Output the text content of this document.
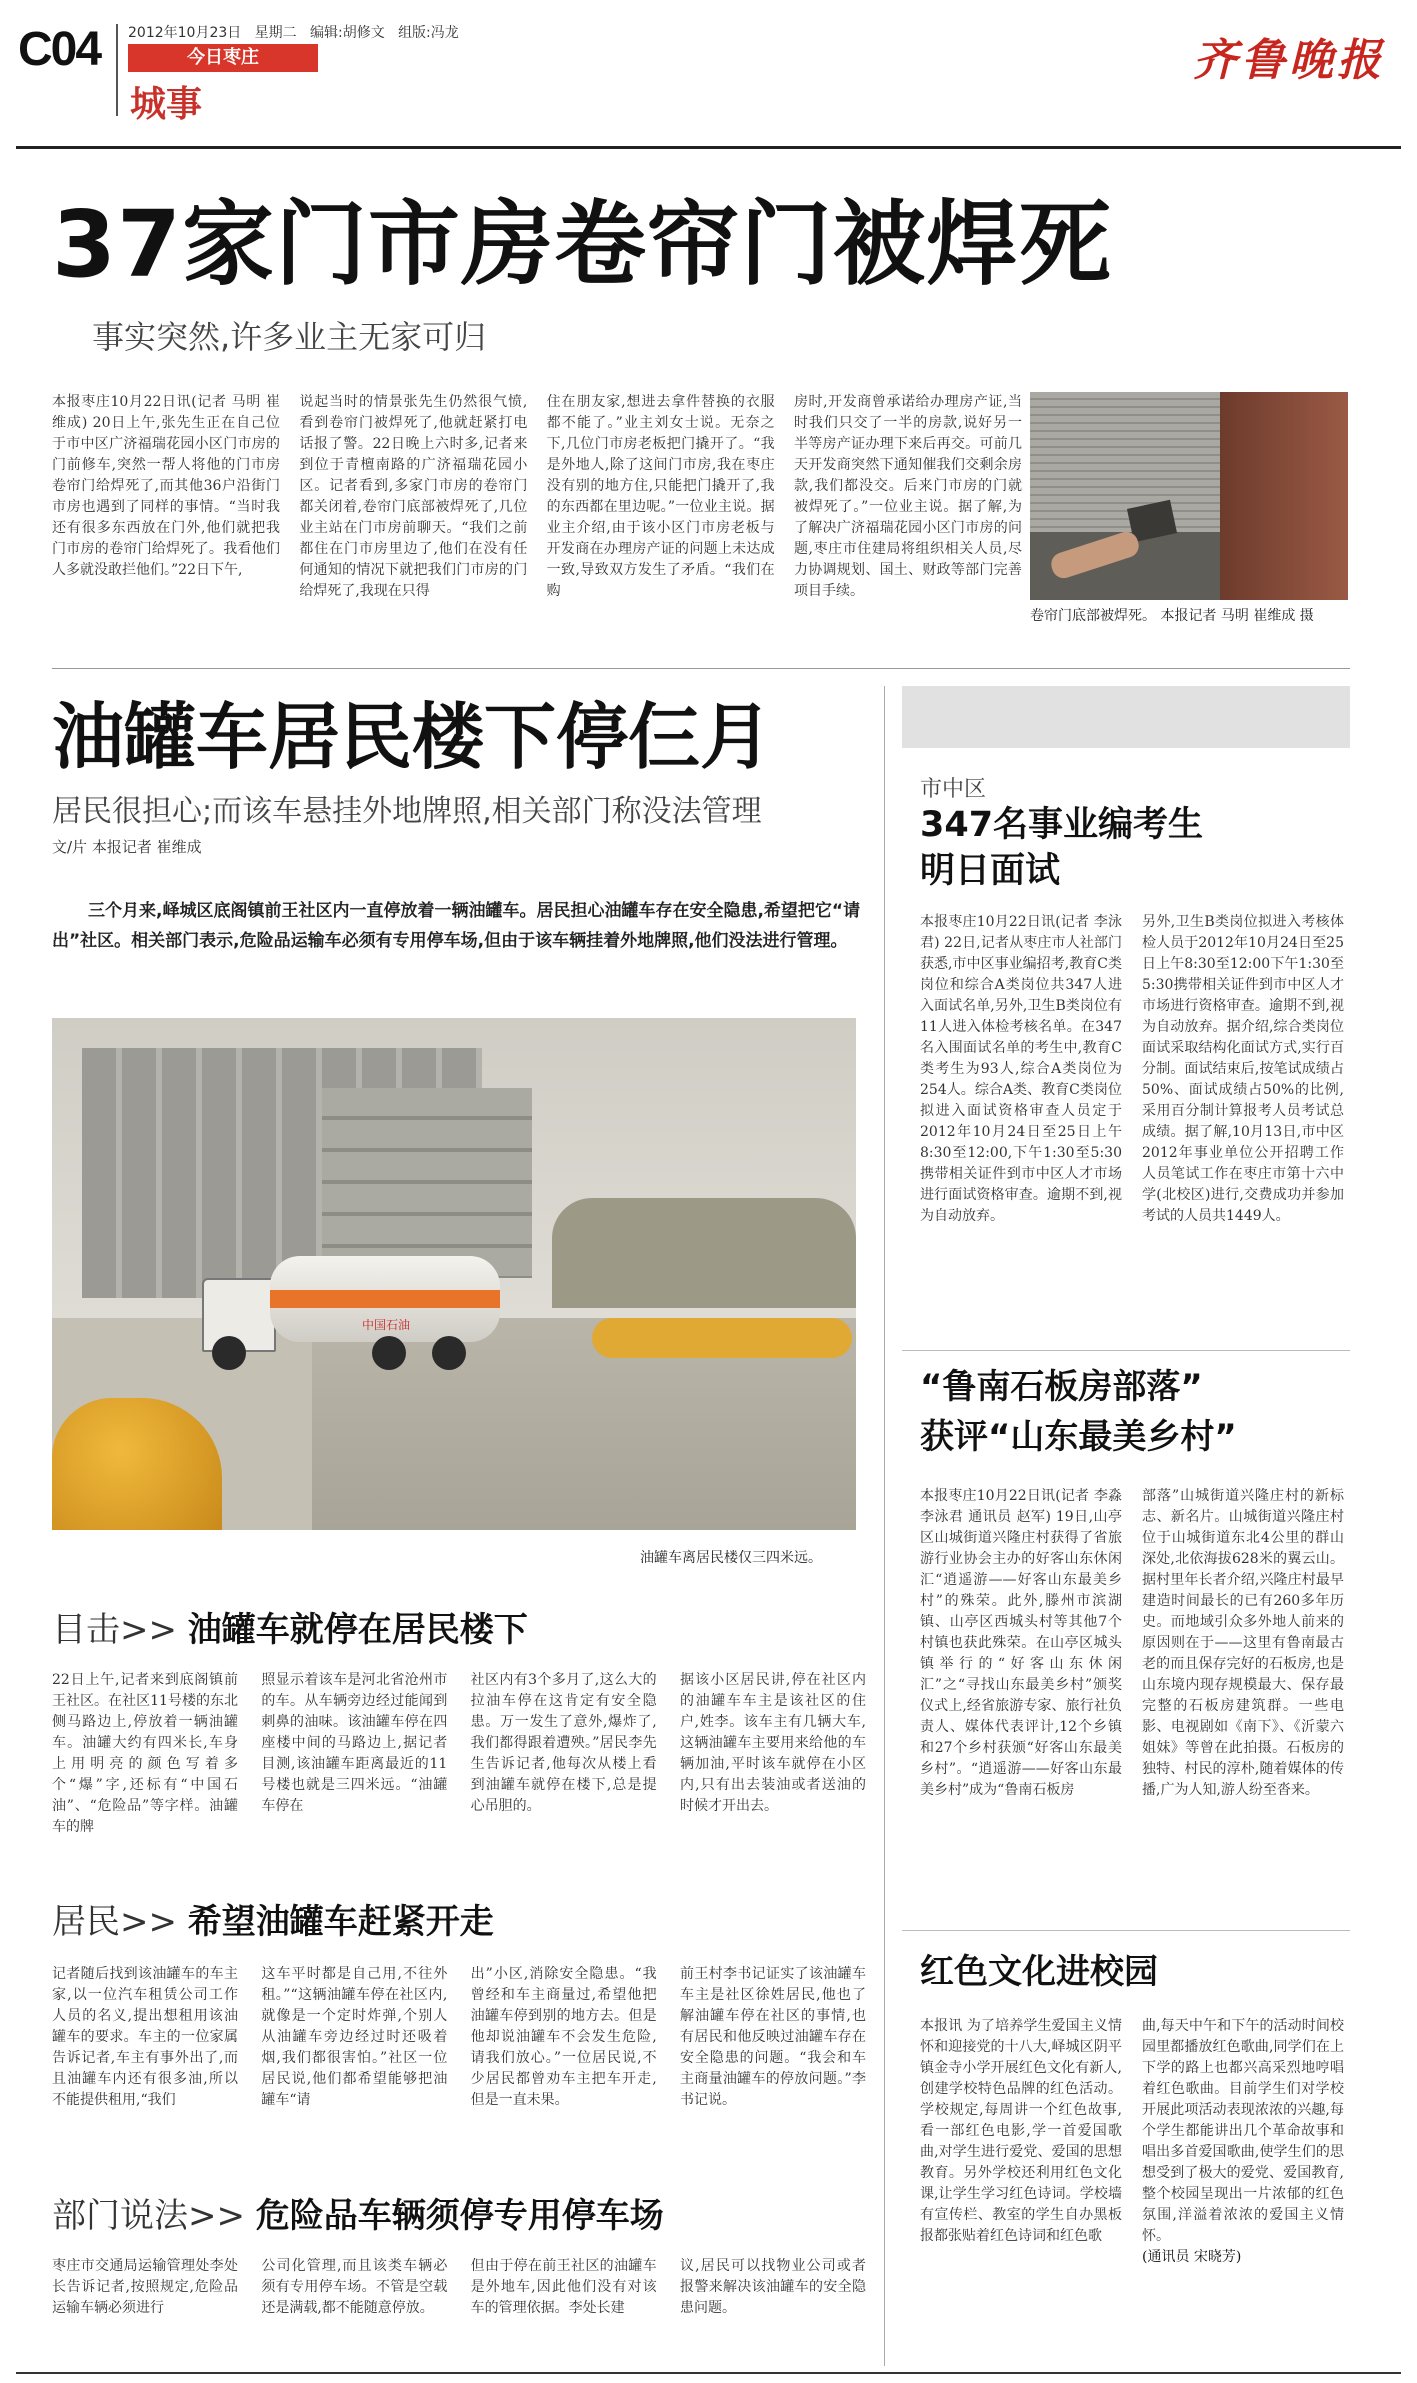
C04 2012年10月23日 星期二 编辑:胡修文 组版:冯龙
今日枣庄
城事
齐鲁晚报
37家门市房卷帘门被焊死
事实突然,许多业主无家可归

本报枣庄10月22日讯(记者 马明 崔维成) 20日上午,张先生正在自己位于市中区广济福瑞花园小区门市房的门前修车,突然一帮人将他的门市房卷帘门给焊死了,而其他36户沿街门市房也遇到了同样的事情。“当时我还有很多东西放在门外,他们就把我门市房的卷帘门给焊死了。我看他们人多就没敢拦他们。”22日下午,

说起当时的情景张先生仍然很气愤,看到卷帘门被焊死了,他就赶紧打电话报了警。22日晚上六时多,记者来到位于青檀南路的广济福瑞花园小区。记者看到,多家门市房的卷帘门都关闭着,卷帘门底部被焊死了,几位业主站在门市房前聊天。“我们之前都住在门市房里边了,他们在没有任何通知的情况下就把我们门市房的门给焊死了,我现在只得

住在朋友家,想进去拿件替换的衣服都不能了。”业主刘女士说。无奈之下,几位门市房老板把门撬开了。“我是外地人,除了这间门市房,我在枣庄没有别的地方住,只能把门撬开了,我的东西都在里边呢。”一位业主说。据业主介绍,由于该小区门市房老板与开发商在办理房产证的问题上未达成一致,导致双方发生了矛盾。“我们在购

房时,开发商曾承诺给办理房产证,当时我们只交了一半的房款,说好另一半等房产证办理下来后再交。可前几天开发商突然下通知催我们交剩余房款,我们都没交。后来门市房的门就被焊死了。”一位业主说。据了解,为了解决广济福瑞花园小区门市房的问题,枣庄市住建局将组织相关人员,尽力协调规划、国土、财政等部门完善项目手续。

卷帘门底部被焊死。 本报记者 马明 崔维成 摄
油罐车居民楼下停仨月
居民很担心;而该车悬挂外地牌照,相关部门称没法管理
文/片 本报记者 崔维成
三个月来,峄城区底阁镇前王社区内一直停放着一辆油罐车。居民担心油罐车存在安全隐患,希望把它“请出”社区。相关部门表示,危险品运输车必须有专用停车场,但由于该车辆挂着外地牌照,他们没法进行管理。
中国石油
油罐车离居民楼仅三四米远。
目击>> 油罐车就停在居民楼下

22日上午,记者来到底阁镇前王社区。在社区11号楼的东北侧马路边上,停放着一辆油罐车。油罐大约有四米长,车身上用明亮的颜色写着多个“爆”字,还标有“中国石油”、“危险品”等字样。油罐车的牌

照显示着该车是河北省沧州市的车。从车辆旁边经过能闻到刺鼻的油味。该油罐车停在四座楼中间的马路边上,据记者目测,该油罐车距离最近的11号楼也就是三四米远。“油罐车停在

社区内有3个多月了,这么大的拉油车停在这肯定有安全隐患。万一发生了意外,爆炸了,我们都得跟着遭殃。”居民李先生告诉记者,他每次从楼上看到油罐车就停在楼下,总是提心吊胆的。

据该小区居民讲,停在社区内的油罐车车主是该社区的住户,姓李。该车主有几辆大车,这辆油罐车主要用来给他的车辆加油,平时该车就停在小区内,只有出去装油或者送油的时候才开出去。

居民>> 希望油罐车赶紧开走

记者随后找到该油罐车的车主家,以一位汽车租赁公司工作人员的名义,提出想租用该油罐车的要求。车主的一位家属告诉记者,车主有事外出了,而且油罐车内还有很多油,所以不能提供租用,“我们

这车平时都是自己用,不往外租。”“这辆油罐车停在社区内,就像是一个定时炸弹,个别人从油罐车旁边经过时还吸着烟,我们都很害怕。”社区一位居民说,他们都希望能够把油罐车“请

出”小区,消除安全隐患。“我曾经和车主商量过,希望他把油罐车停到别的地方去。但是他却说油罐车不会发生危险,请我们放心。”一位居民说,不少居民都曾劝车主把车开走,但是一直未果。

前王村李书记证实了该油罐车车主是社区徐姓居民,他也了解油罐车停在社区的事情,也有居民和他反映过油罐车存在安全隐患的问题。“我会和车主商量油罐车的停放问题。”李书记说。

部门说法>> 危险品车辆须停专用停车场

枣庄市交通局运输管理处李处长告诉记者,按照规定,危险品运输车辆必须进行

公司化管理,而且该类车辆必须有专用停车场。不管是空载还是满载,都不能随意停放。

但由于停在前王社区的油罐车是外地车,因此他们没有对该车的管理依据。李处长建

议,居民可以找物业公司或者报警来解决该油罐车的安全隐患问题。

市中区
347名事业编考生
明日面试

本报枣庄10月22日讯(记者 李泳君) 22日,记者从枣庄市人社部门获悉,市中区事业编招考,教育C类岗位和综合A类岗位共347人进入面试名单,另外,卫生B类岗位有11人进入体检考核名单。在347名入围面试名单的考生中,教育C类考生为93人,综合A类岗位为254人。综合A类、教育C类岗位拟进入面试资格审查人员定于2012年10月24日至25日上午8:30至12:00,下午1:30至5:30携带相关证件到市中区人才市场进行面试资格审查。逾期不到,视为自动放弃。

另外,卫生B类岗位拟进入考核体检人员于2012年10月24日至25日上午8:30至12:00下午1:30至5:30携带相关证件到市中区人才市场进行资格审查。逾期不到,视为自动放弃。据介绍,综合类岗位面试采取结构化面试方式,实行百分制。面试结束后,按笔试成绩占50%、面试成绩占50%的比例,采用百分制计算报考人员考试总成绩。据了解,10月13日,市中区2012年事业单位公开招聘工作人员笔试工作在枣庄市第十六中学(北校区)进行,交费成功并参加考试的人员共1449人。

“鲁南石板房部落”
获评“山东最美乡村”

本报枣庄10月22日讯(记者 李淼 李泳君 通讯员 赵军) 19日,山亭区山城街道兴隆庄村获得了省旅游行业协会主办的好客山东休闲汇“逍遥游——好客山东最美乡村”的殊荣。此外,滕州市滨湖镇、山亭区西城头村等其他7个村镇也获此殊荣。在山亭区城头镇举行的“好客山东休闲汇”之“寻找山东最美乡村”颁奖仪式上,经省旅游专家、旅行社负责人、媒体代表评计,12个乡镇和27个乡村获颁“好客山东最美乡村”。“逍遥游——好客山东最美乡村”成为“鲁南石板房

部落”山城街道兴隆庄村的新标志、新名片。山城街道兴隆庄村位于山城街道东北4公里的群山深处,北依海拔628米的翼云山。据村里年长者介绍,兴隆庄村最早建造时间最长的已有260多年历史。而地域引众多外地人前来的原因则在于——这里有鲁南最古老的而且保存完好的石板房,也是山东境内现存规模最大、保存最完整的石板房建筑群。一些电影、电视剧如《南下》、《沂蒙六姐妹》等曾在此拍摄。石板房的独特、村民的淳朴,随着媒体的传播,广为人知,游人纷至沓来。

红色文化进校园

本报讯 为了培养学生爱国主义情怀和迎接党的十八大,峄城区阴平镇金寺小学开展红色文化有新人,创建学校特色品牌的红色活动。学校规定,每周讲一个红色故事,看一部红色电影,学一首爱国歌曲,对学生进行爱党、爱国的思想教育。另外学校还利用红色文化课,让学生学习红色诗词。学校墙有宣传栏、教室的学生自办黑板报都张贴着红色诗词和红色歌

曲,每天中午和下午的活动时间校园里都播放红色歌曲,同学们在上下学的路上也都兴高采烈地哼唱着红色歌曲。目前学生们对学校开展此项活动表现浓浓的兴趣,每个学生都能讲出几个革命故事和唱出多首爱国歌曲,使学生们的思想受到了极大的爱党、爱国教育,整个校园呈现出一片浓郁的红色氛围,洋溢着浓浓的爱国主义情怀。

(通讯员 宋晓芳)
